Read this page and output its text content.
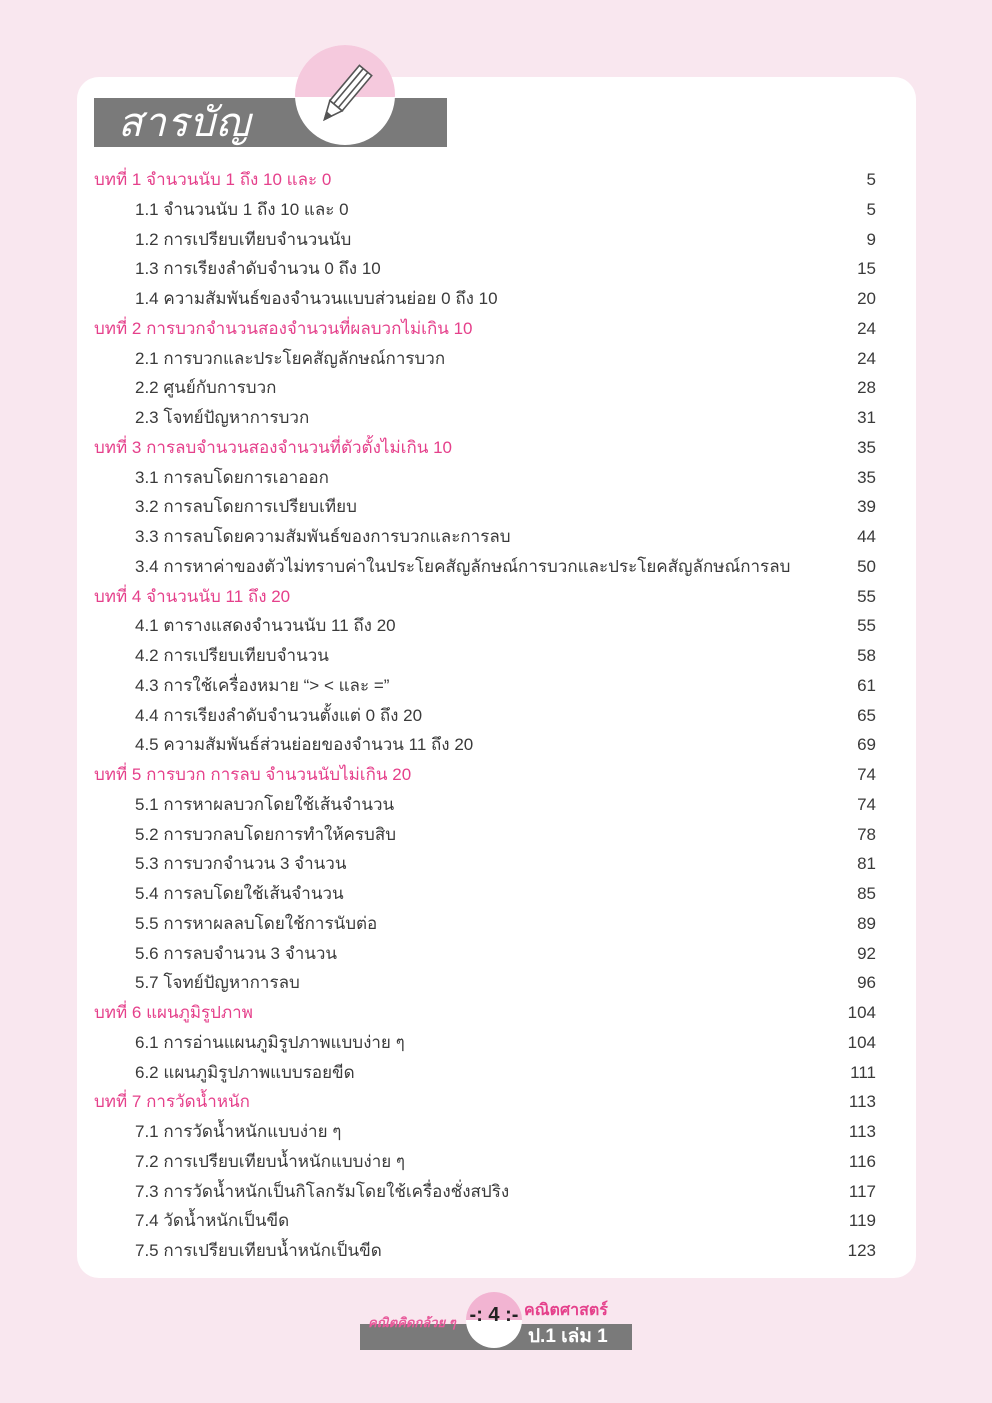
สารบัญ
บทที่ 1 จำนวนนับ 1 ถึง 10 และ 0	5
1.1 จำนวนนับ 1 ถึง 10 และ 0	5
1.2 การเปรียบเทียบจำนวนนับ	9
1.3 การเรียงลำดับจำนวน 0 ถึง 10	15
1.4 ความสัมพันธ์ของจำนวนแบบส่วนย่อย 0 ถึง 10	20
บทที่ 2 การบวกจำนวนสองจำนวนที่ผลบวกไม่เกิน 10	24
2.1 การบวกและประโยคสัญลักษณ์การบวก	24
2.2 ศูนย์กับการบวก	28
2.3 โจทย์ปัญหาการบวก	31
บทที่ 3 การลบจำนวนสองจำนวนที่ตัวตั้งไม่เกิน 10	35
3.1 การลบโดยการเอาออก	35
3.2 การลบโดยการเปรียบเทียบ	39
3.3 การลบโดยความสัมพันธ์ของการบวกและการลบ	44
3.4 การหาค่าของตัวไม่ทราบค่าในประโยคสัญลักษณ์การบวกและประโยคสัญลักษณ์การลบ	50
บทที่ 4 จำนวนนับ 11 ถึง 20	55
4.1 ตารางแสดงจำนวนนับ 11 ถึง 20	55
4.2 การเปรียบเทียบจำนวน	58
4.3 การใช้เครื่องหมาย “> < และ =”	61
4.4 การเรียงลำดับจำนวนตั้งแต่ 0 ถึง 20	65
4.5 ความสัมพันธ์ส่วนย่อยของจำนวน 11 ถึง 20	69
บทที่ 5 การบวก การลบ จำนวนนับไม่เกิน 20	74
5.1 การหาผลบวกโดยใช้เส้นจำนวน	74
5.2 การบวกลบโดยการทำให้ครบสิบ	78
5.3 การบวกจำนวน 3 จำนวน	81
5.4 การลบโดยใช้เส้นจำนวน	85
5.5 การหาผลลบโดยใช้การนับต่อ	89
5.6 การลบจำนวน 3 จำนวน	92
5.7 โจทย์ปัญหาการลบ	96
บทที่ 6 แผนภูมิรูปภาพ	104
6.1 การอ่านแผนภูมิรูปภาพแบบง่าย ๆ	104
6.2 แผนภูมิรูปภาพแบบรอยขีด	111
บทที่ 7 การวัดน้ำหนัก	113
7.1 การวัดน้ำหนักแบบง่าย ๆ	113
7.2 การเปรียบเทียบน้ำหนักแบบง่าย ๆ	116
7.3 การวัดน้ำหนักเป็นกิโลกรัมโดยใช้เครื่องชั่งสปริง	117
7.4 วัดน้ำหนักเป็นขีด	119
7.5 การเปรียบเทียบน้ำหนักเป็นขีด	123
คณิตคิดกล้วย ๆ -: 4 :- คณิตศาสตร์
ป.1 เล่ม 1
